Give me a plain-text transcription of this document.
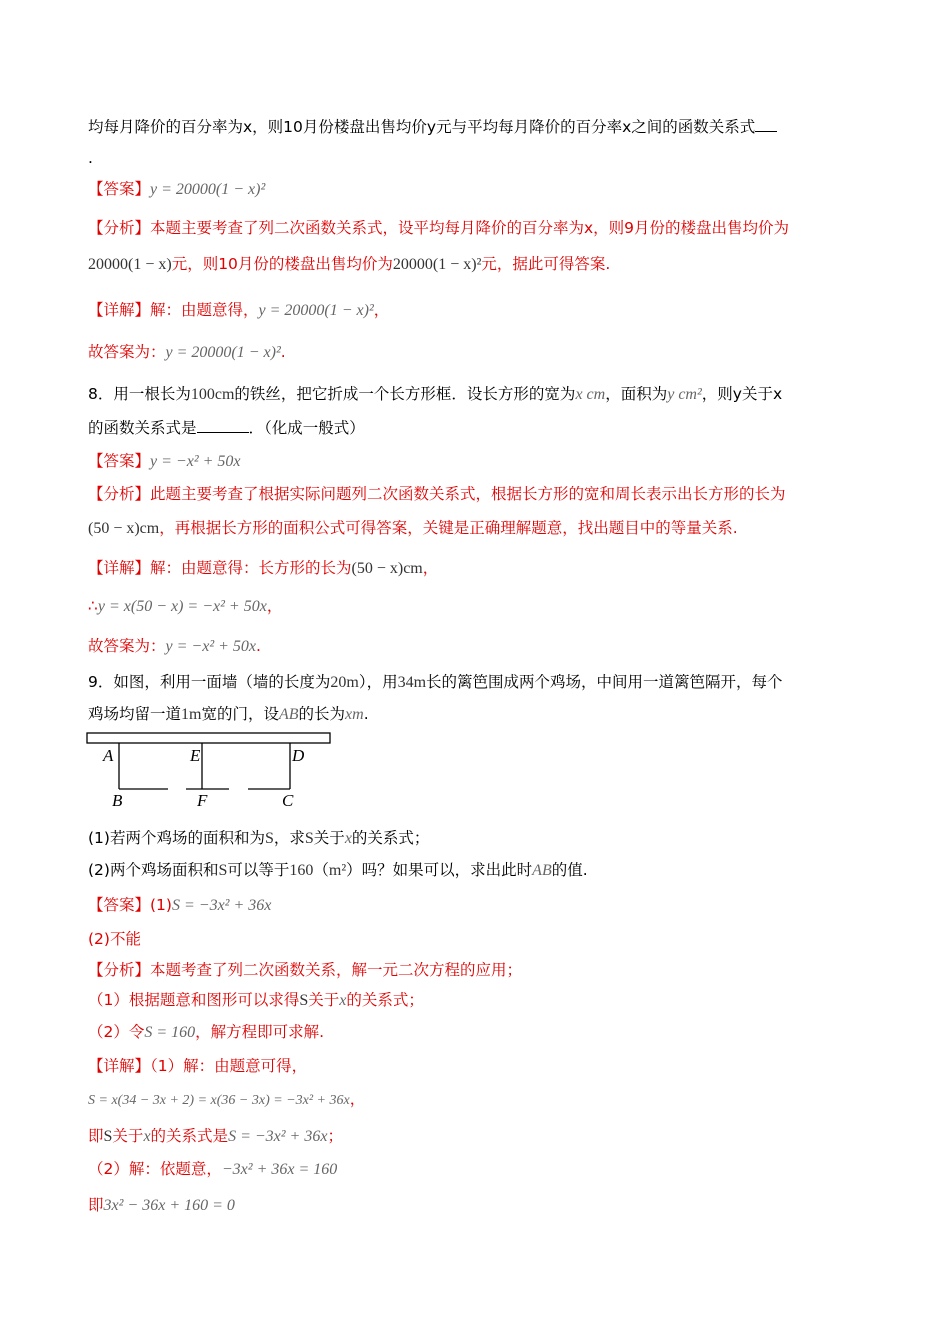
均每月降价的百分率为x，则10月份楼盘出售均价y元与平均每月降价的百分率x之间的函数关系式
.
【答案】y = 20000(1 − x)²
【分析】本题主要考查了列二次函数关系式，设平均每月降价的百分率为x，则9月份的楼盘出售均价为
20000(1 − x)元，则10月份的楼盘出售均价为20000(1 − x)²元，据此可得答案.
【详解】解：由题意得，y = 20000(1 − x)²，
故答案为：y = 20000(1 − x)².
8．用一根长为100cm的铁丝，把它折成一个长方形框．设长方形的宽为x cm，面积为y cm²，则y关于x
的函数关系式是	．（化成一般式）
【答案】y = −x² + 50x
【分析】此题主要考查了根据实际问题列二次函数关系式，根据长方形的宽和周长表示出长方形的长为
(50 − x)cm，再根据长方形的面积公式可得答案，关键是正确理解题意，找出题目中的等量关系.
【详解】解：由题意得：长方形的长为(50 − x)cm，
∴y = x(50 − x) = −x² + 50x，
故答案为：y = −x² + 50x.
9．如图，利用一面墙（墙的长度为20m），用34m长的篱笆围成两个鸡场，中间用一道篱笆隔开，每个
鸡场均留一道1m宽的门，设AB的长为xm.
A	E	D
B	F	C
(1)若两个鸡场的面积和为S，求S关于x的关系式；
(2)两个鸡场面积和S可以等于160（m²）吗？如果可以，求出此时AB的值.
【答案】(1)S = −3x² + 36x
(2)不能
【分析】本题考查了列二次函数关系，解一元二次方程的应用；
（1）根据题意和图形可以求得S关于x的关系式；
（2）令S = 160，解方程即可求解.
【详解】（1）解：由题意可得，
S = x(34 − 3x + 2) = x(36 − 3x) = −3x² + 36x，
即S关于x的关系式是S = −3x² + 36x；
（2）解：依题意，−3x² + 36x = 160
即3x² − 36x + 160 = 0
